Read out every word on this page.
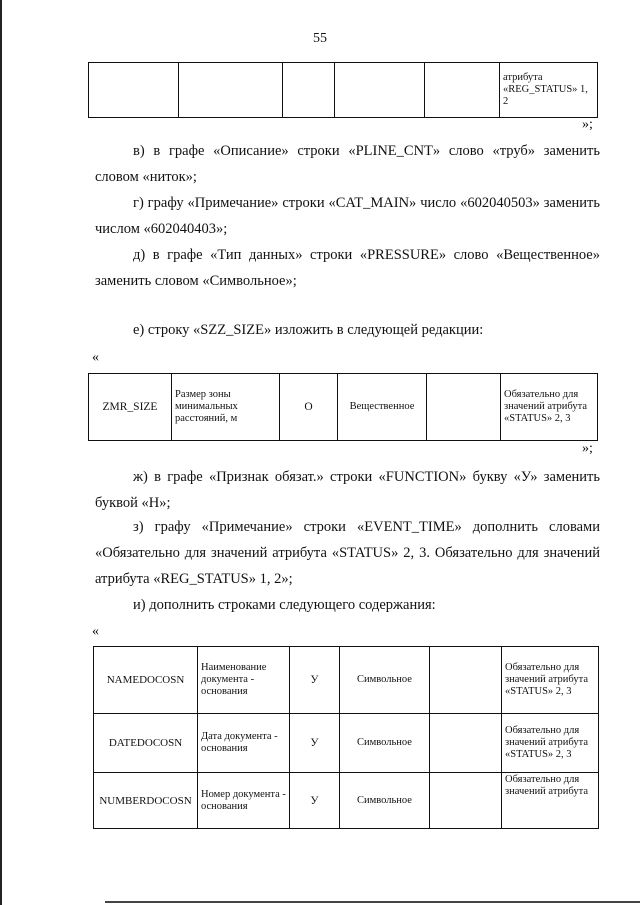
55
					атрибута «REG_STATUS» 1, 2
»;
в) в графе «Описание» строки «PLINE_CNT» слово «труб» заменить словом «ниток»;
г) графу «Примечание» строки «CAT_MAIN» число «602040503» заменить числом «602040403»;
д) в графе «Тип данных» строки «PRESSURE» слово «Вещественное» заменить словом «Символьное»;
е) строку «SZZ_SIZE» изложить в следующей редакции:
«
ZMR_SIZE	Размер зоны минимальных расстояний, м	О	Вещественное		Обязательно для значений атрибута «STATUS» 2, 3
»;
ж) в графе «Признак обязат.» строки «FUNCTION» букву «У» заменить буквой «Н»;
з) графу «Примечание» строки «EVENT_TIME» дополнить словами «Обязательно для значений атрибута «STATUS» 2, 3. Обязательно для значений атрибута «REG_STATUS» 1, 2»;
и) дополнить строками следующего содержания:
«
NAMEDOCOSN	Наименование документа - основания	У	Символьное		Обязательно для значений атрибута «STATUS» 2, 3
DATEDOCOSN	Дата документа - основания	У	Символьное		Обязательно для значений атрибута «STATUS» 2, 3
NUMBERDOCOSN	Номер документа - основания	У	Символьное		Обязательно для значений атрибута
